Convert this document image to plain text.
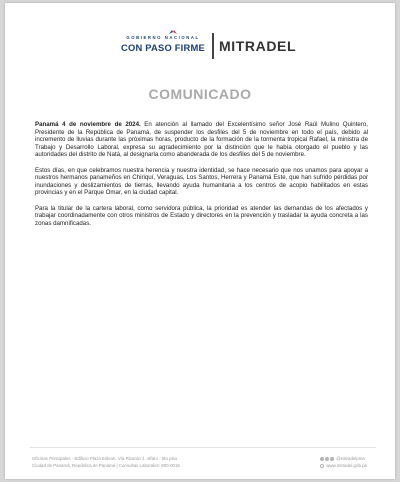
GOBIERNO NACIONAL
CON PASO FIRME MITRADEL
COMUNICADO

Panamá 4 de noviembre de 2024. En atención al llamado del Excelentísimo señor José Raúl Mulino Quintero, Presidente de la República de Panamá, de suspender los desfiles del 5 de noviembre en todo el país, debido al incremento de lluvias durante las próximas horas, producto de la formación de la tormenta tropical Rafael, la ministra de Trabajo y Desarrollo Laboral, expresa su agradecimiento por la distinción que le había otorgado el pueblo y las autoridades del distrito de Natá, al designarla como abanderada de los desfiles del 5 de noviembre.

Estos días, en que celebramos nuestra herencia y nuestra identidad, se hace necesario que nos unamos para apoyar a nuestros hermanos panameños en Chiriquí, Veraguas, Los Santos, Herrera y Panamá Este, que han sufrido pérdidas por inundaciones y deslizamientos de tierras, llevando ayuda humanitaria a los centros de acopio habilitados en estas provincias y en el Parque Omar, en la ciudad capital.

Para la titular de la cartera laboral, como servidora pública, la prioridad es atender las demandas de los afectados y trabajar coordinadamente con otros ministros de Estado y directores en la prevención y trasladar la ayuda concreta a las zonas damnificadas.

Oficinas Principales - Edificio Plaza Edison, Vía Ricardo J. Alfaro - 5to piso
Ciudad de Panamá, República de Panamá | Consultas Laborales: 800-0016
@mitradelpma
www.mitradel.gob.pa
